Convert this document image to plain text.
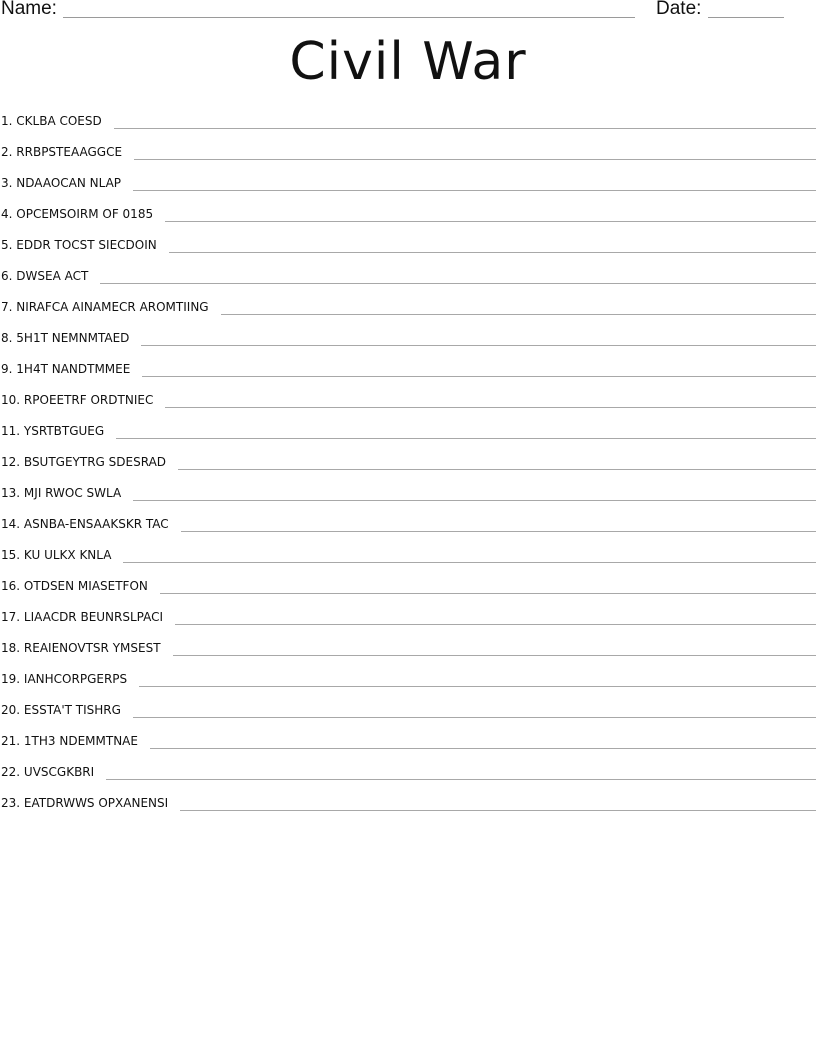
Name:	Date:
Civil War
1. CKLBA COESD
2. RRBPSTEAAGGCE
3. NDAAOCAN NLAP
4. OPCEMSOIRM OF 0185
5. EDDR TOCST SIECDOIN
6. DWSEA ACT
7. NIRAFCA AINAMECR AROMTIING
8. 5H1T NEMNMTAED
9. 1H4T NANDTMMEE
10. RPOEETRF ORDTNIEC
11. YSRTBTGUEG
12. BSUTGEYTRG SDESRAD
13. MJI RWOC SWLA
14. ASNBA-ENSAAKSKR TAC
15. KU ULKX KNLA
16. OTDSEN MIASETFON
17. LIAACDR BEUNRSLPACI
18. REAIENOVTSR YMSEST
19. IANHCORPGERPS
20. ESSTA'T TISHRG
21. 1TH3 NDEMMTNAE
22. UVSCGKBRI
23. EATDRWWS OPXANENSI
